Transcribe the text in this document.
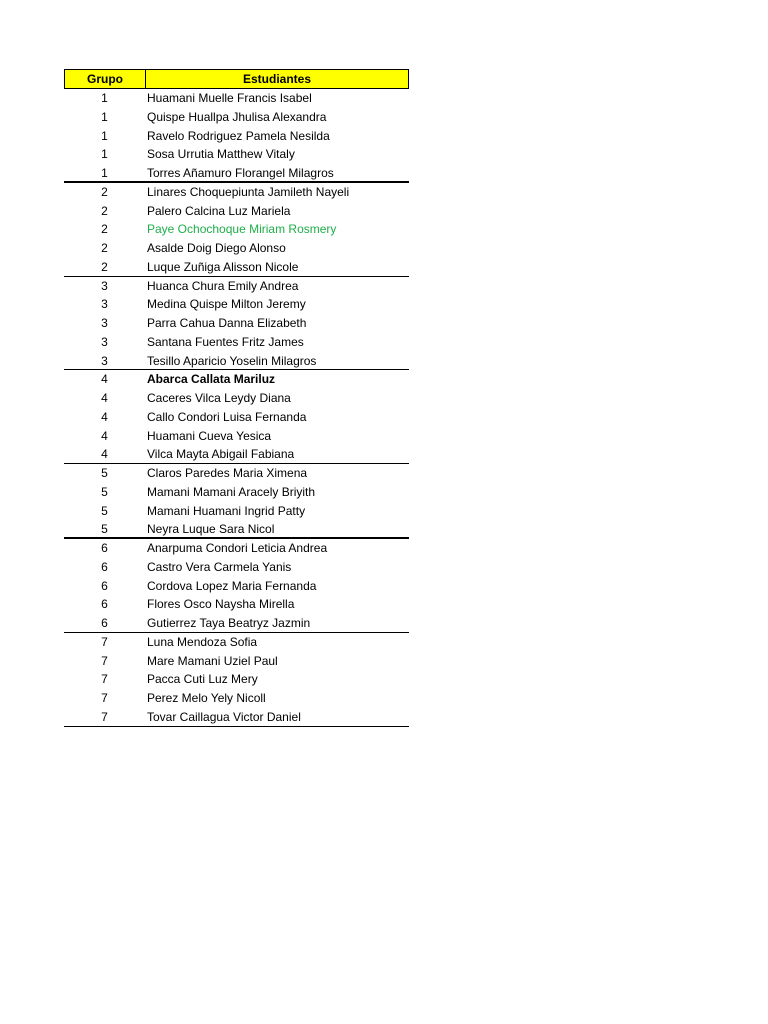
Grupo	Estudiantes
1	Huamani Muelle Francis Isabel
1	Quispe Huallpa Jhulisa Alexandra
1	Ravelo Rodriguez Pamela Nesilda
1	Sosa Urrutia Matthew Vitaly
1	Torres Añamuro Florangel Milagros
2	Linares Choquepiunta Jamileth Nayeli
2	Palero Calcina Luz Mariela
2	Paye Ochochoque Miriam Rosmery
2	Asalde Doig Diego Alonso
2	Luque Zuñiga Alisson Nicole
3	Huanca Chura Emily Andrea
3	Medina Quispe Milton Jeremy
3	Parra Cahua Danna Elizabeth
3	Santana Fuentes Fritz James
3	Tesillo Aparicio Yoselin Milagros
4	Abarca Callata Mariluz
4	Caceres Vilca Leydy Diana
4	Callo Condori Luisa Fernanda
4	Huamani Cueva Yesica
4	Vilca Mayta Abigail Fabiana
5	Claros Paredes Maria Ximena
5	Mamani Mamani Aracely Briyith
5	Mamani Huamani Ingrid Patty
5	Neyra Luque Sara Nicol
6	Anarpuma Condori Leticia Andrea
6	Castro Vera Carmela Yanis
6	Cordova Lopez Maria Fernanda
6	Flores Osco Naysha Mirella
6	Gutierrez Taya Beatryz Jazmin
7	Luna Mendoza Sofia
7	Mare Mamani Uziel Paul
7	Pacca Cuti Luz Mery
7	Perez Melo Yely Nicoll
7	Tovar Caillagua Victor Daniel
